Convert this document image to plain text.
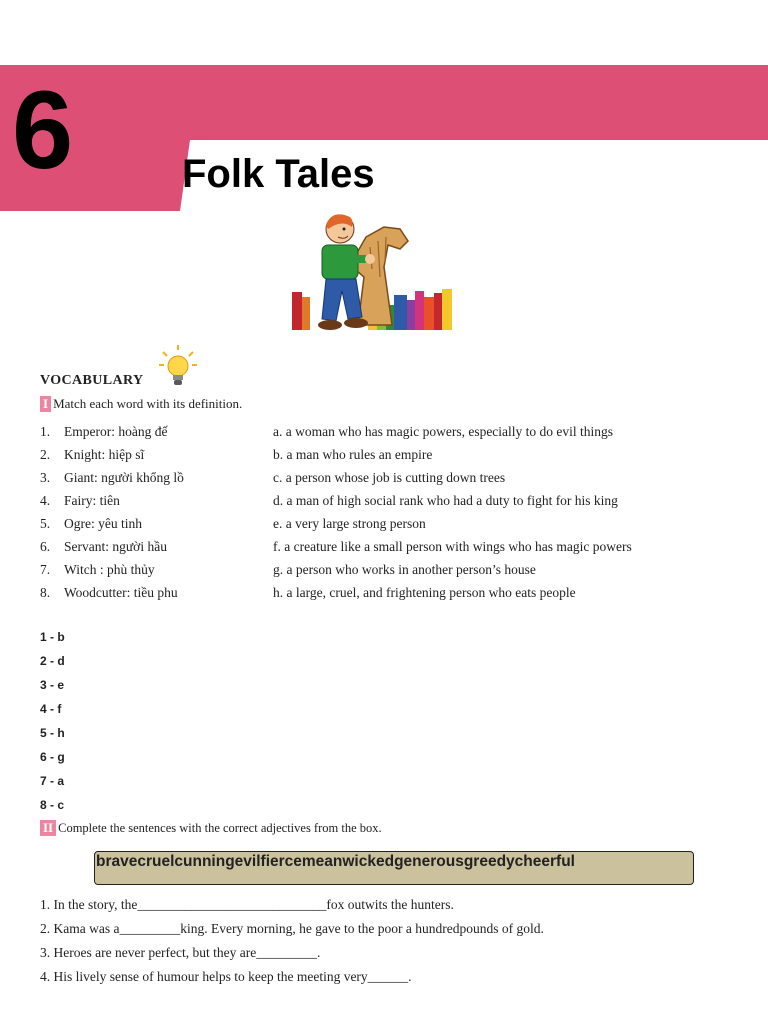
6	Folk Tales
VOCABULARY
I Match each word with its definition.
1.	Emperor: hoàng đế	a. a woman who has magic powers, especially to do evil things
2.	Knight: hiệp sĩ	b. a man who rules an empire
3.	Giant: người khổng lồ	c. a person whose job is cutting down trees
4.	Fairy: tiên	d. a man of high social rank who had a duty to fight for his king
5.	Ogre: yêu tinh	e. a very large strong person
6.	Servant: người hầu	f. a creature like a small person with wings who has magic powers
7.	Witch : phù thủy	g. a person who works in another person’s house
8.	Woodcutter: tiều phu	h. a large, cruel, and frightening person who eats people
1 - b
2 - d
3 - e
4 - f
5 - h
6 - g
7 - a
8 - c
II Complete the sentences with the correct adjectives from the box.
bravecruelcunningevilfiercemeanwickedgenerousgreedycheerful
1. In the story, the____________________________fox outwits the hunters.
2. Kama was a_________king. Every morning, he gave to the poor a hundredpounds of gold.
3. Heroes are never perfect, but they are_________.
4. His lively sense of humour helps to keep the meeting very______.
